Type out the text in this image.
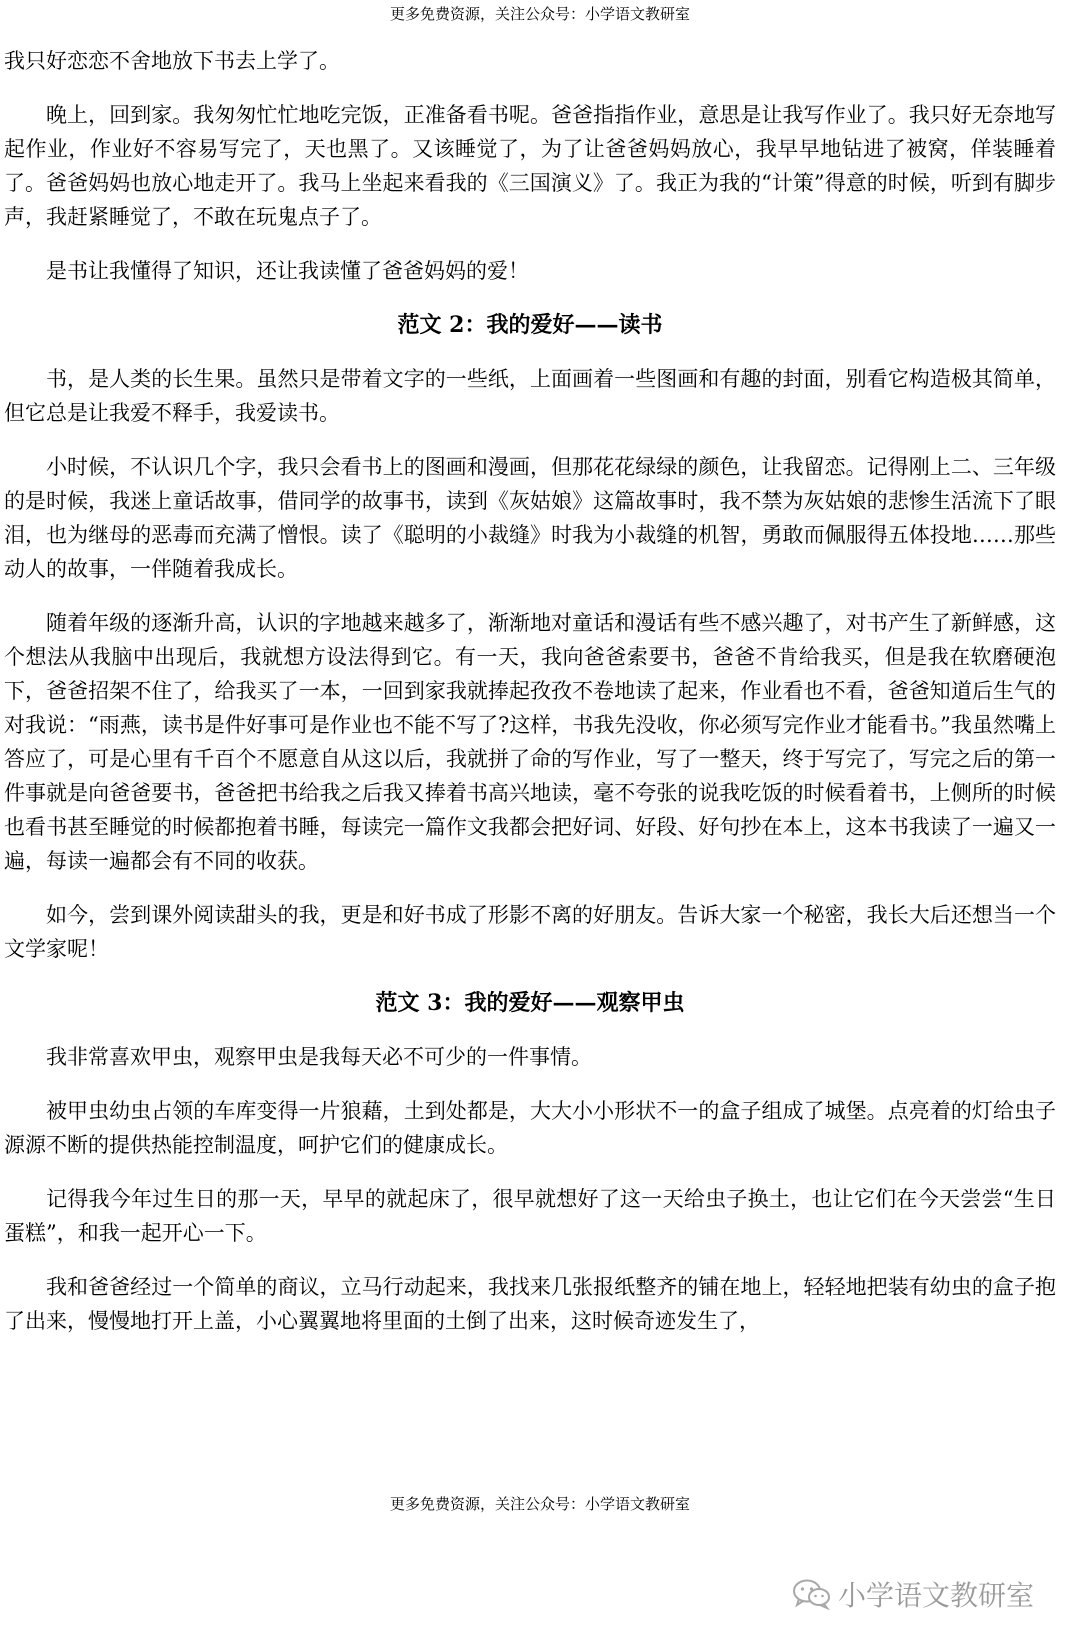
更多免费资源，关注公众号：小学语文教研室

我只好恋恋不舍地放下书去上学了。

晚上，回到家。我匆匆忙忙地吃完饭，正准备看书呢。爸爸指指作业，意思是让我写作业了。我只好无奈地写起作业，作业好不容易写完了，天也黑了。又该睡觉了，为了让爸爸妈妈放心，我早早地钻进了被窝，佯装睡着了。爸爸妈妈也放心地走开了。我马上坐起来看我的《三国演义》了。我正为我的“计策”得意的时候，听到有脚步声，我赶紧睡觉了，不敢在玩鬼点子了。

是书让我懂得了知识，还让我读懂了爸爸妈妈的爱！

范文 2：我的爱好——读书

书，是人类的长生果。虽然只是带着文字的一些纸，上面画着一些图画和有趣的封面，别看它构造极其简单，但它总是让我爱不释手，我爱读书。

小时候，不认识几个字，我只会看书上的图画和漫画，但那花花绿绿的颜色，让我留恋。记得刚上二、三年级的是时候，我迷上童话故事，借同学的故事书，读到《灰姑娘》这篇故事时，我不禁为灰姑娘的悲惨生活流下了眼泪，也为继母的恶毒而充满了憎恨。读了《聪明的小裁缝》时我为小裁缝的机智，勇敢而佩服得五体投地……那些动人的故事，一伴随着我成长。

随着年级的逐渐升高，认识的字地越来越多了，渐渐地对童话和漫话有些不感兴趣了，对书产生了新鲜感，这个想法从我脑中出现后，我就想方设法得到它。有一天，我向爸爸索要书，爸爸不肯给我买，但是我在软磨硬泡下，爸爸招架不住了，给我买了一本，一回到家我就捧起孜孜不卷地读了起来，作业看也不看，爸爸知道后生气的对我说：“雨燕，读书是件好事可是作业也不能不写了?这样，书我先没收，你必须写完作业才能看书。”我虽然嘴上答应了，可是心里有千百个不愿意自从这以后，我就拼了命的写作业，写了一整天，终于写完了，写完之后的第一件事就是向爸爸要书，爸爸把书给我之后我又捧着书高兴地读，毫不夸张的说我吃饭的时候看着书，上侧所的时候也看书甚至睡觉的时候都抱着书睡，每读完一篇作文我都会把好词、好段、好句抄在本上，这本书我读了一遍又一遍，每读一遍都会有不同的收获。

如今，尝到课外阅读甜头的我，更是和好书成了形影不离的好朋友。告诉大家一个秘密，我长大后还想当一个文学家呢！

范文 3：我的爱好——观察甲虫

我非常喜欢甲虫，观察甲虫是我每天必不可少的一件事情。

被甲虫幼虫占领的车库变得一片狼藉，土到处都是，大大小小形状不一的盒子组成了城堡。点亮着的灯给虫子源源不断的提供热能控制温度，呵护它们的健康成长。

记得我今年过生日的那一天，早早的就起床了，很早就想好了这一天给虫子换土，也让它们在今天尝尝“生日蛋糕”，和我一起开心一下。

我和爸爸经过一个简单的商议，立马行动起来，我找来几张报纸整齐的铺在地上，轻轻地把装有幼虫的盒子抱了出来，慢慢地打开上盖，小心翼翼地将里面的土倒了出来，这时候奇迹发生了，

更多免费资源，关注公众号：小学语文教研室
小学语文教研室
